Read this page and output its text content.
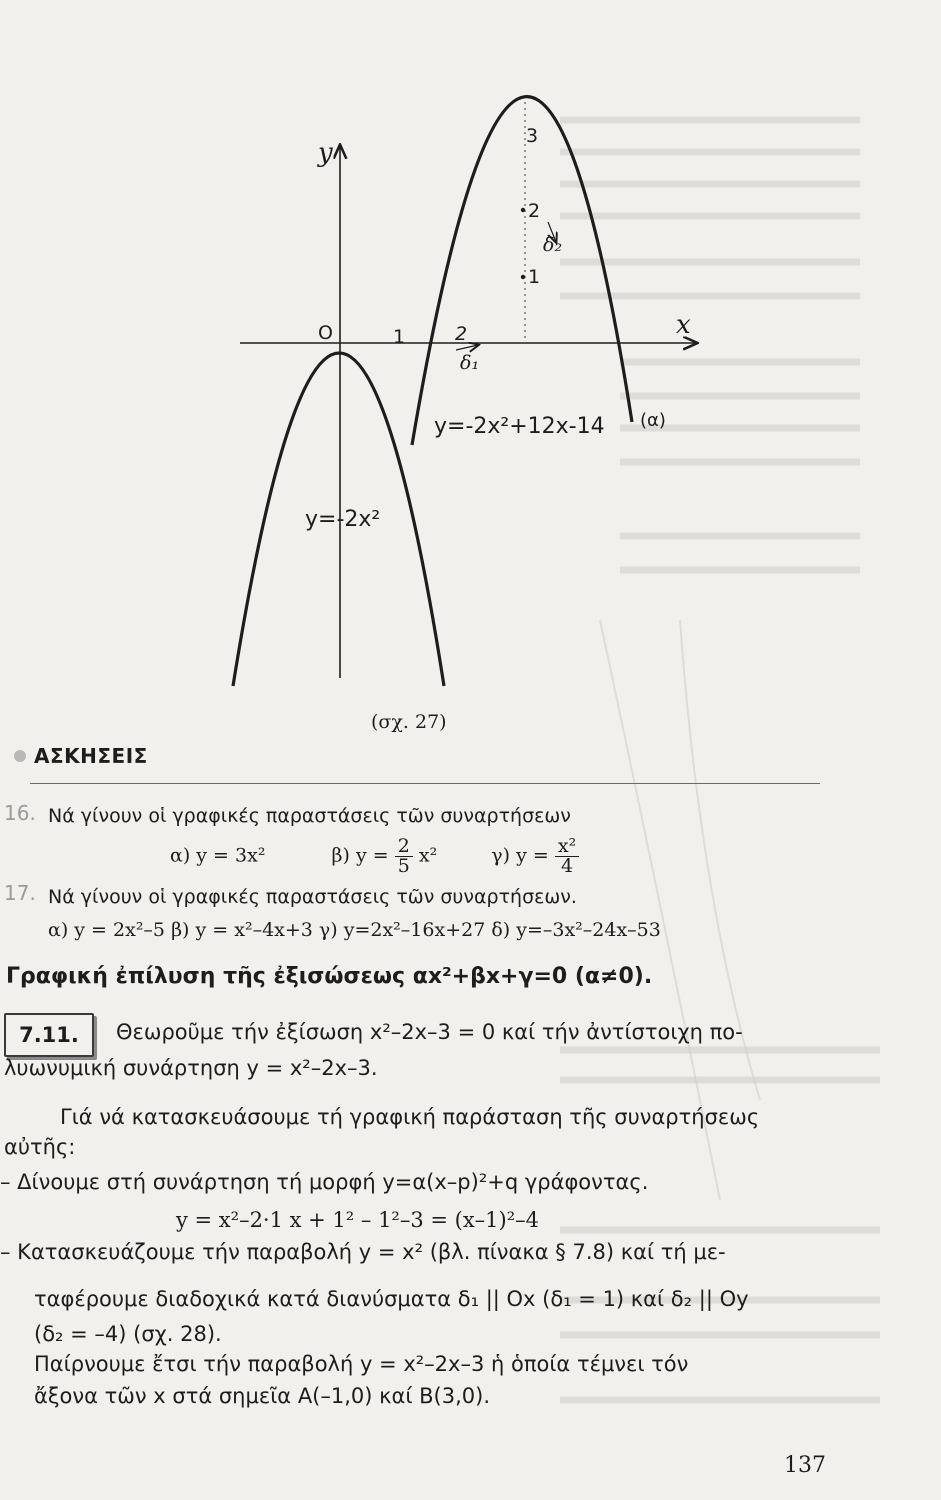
y
x
O	1	2
3
2
1
δ₂
δ₁
y=-2x²+12x-14 (α)
y=-2x²
(σχ. 27)
ΑΣΚΗΣΕΙΣ
16. Νά γίνουν οἱ γραφικές παραστάσεις τῶν συναρτήσεων
α) y = 3x²	β) $y = \frac{2}{5} x^2$	γ) $y = \frac{\text{x²}}{4}$
17. Νά γίνουν οἱ γραφικές παραστάσεις τῶν συναρτήσεων.
α) y = 2x²–5 β) y = x²–4x+3 γ) y=2x²–16x+27 δ) y=–3x²–24x–53
Γραφική ἐπίλυση τῆς ἐξισώσεως αx²+βx+γ=0 (α≠0).
7.11.	Θεωροῦμε τήν ἐξίσωση x²–2x–3 = 0 καί τήν ἀντίστοιχη πο-
λυωνυμική συνάρτηση y = x²–2x–3.
Γιά νά κατασκευάσουμε τή γραφική παράσταση τῆς συναρτήσεως
αὐτῆς:
– Δίνουμε στή συνάρτηση τή μορφή y=α(x–p)²+q γράφοντας.
y = x²–2·1 x + 1² – 1²–3 = (x–1)²–4
– Κατασκευάζουμε τήν παραβολή y = x² (βλ. πίνακα § 7.8) καί τή με-
ταφέρουμε διαδοχικά κατά διανύσματα δ₁ || Ox (δ₁ = 1) καί δ₂ || Oy
(δ₂ = –4) (σχ. 28).
Παίρνουμε ἔτσι τήν παραβολή y = x²–2x–3 ἡ ὁποία τέμνει τόν
ἄξονα τῶν x στά σημεῖα Α(–1,0) καί Β(3,0).
137
